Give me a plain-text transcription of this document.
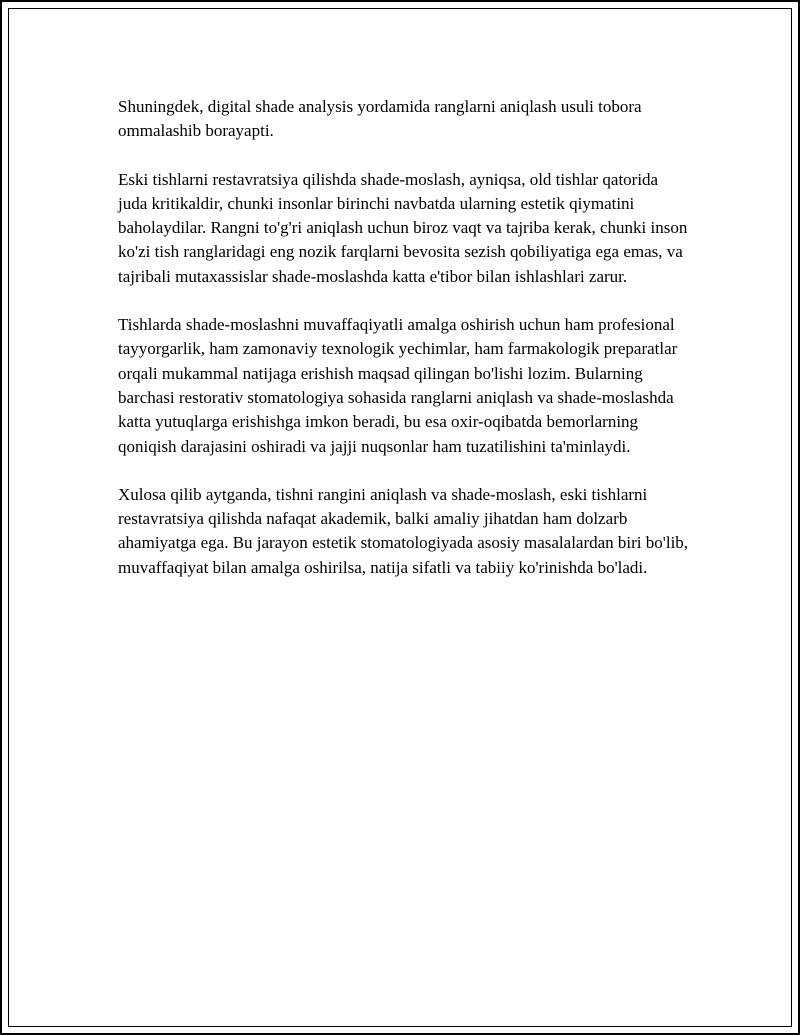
Shuningdek, digital shade analysis yordamida ranglarni aniqlash usuli tobora ommalashib borayapti.

Eski tishlarni restavratsiya qilishda shade-moslash, ayniqsa, old tishlar qatorida juda kritikaldir, chunki insonlar birinchi navbatda ularning estetik qiymatini baholaydilar. Rangni to'g'ri aniqlash uchun biroz vaqt va tajriba kerak, chunki inson ko'zi tish ranglaridagi eng nozik farqlarni bevosita sezish qobiliyatiga ega emas, va tajribali mutaxassislar shade-moslashda katta e'tibor bilan ishlashlari zarur.

Tishlarda shade-moslashni muvaffaqiyatli amalga oshirish uchun ham profesional tayyorgarlik, ham zamonaviy texnologik yechimlar, ham farmakologik preparatlar orqali mukammal natijaga erishish maqsad qilingan bo'lishi lozim. Bularning barchasi restorativ stomatologiya sohasida ranglarni aniqlash va shade-moslashda katta yutuqlarga erishishga imkon beradi, bu esa oxir-oqibatda bemorlarning qoniqish darajasini oshiradi va jajji nuqsonlar ham tuzatilishini ta'minlaydi.

Xulosa qilib aytganda, tishni rangini aniqlash va shade-moslash, eski tishlarni restavratsiya qilishda nafaqat akademik, balki amaliy jihatdan ham dolzarb ahamiyatga ega. Bu jarayon estetik stomatologiyada asosiy masalalardan biri bo'lib, muvaffaqiyat bilan amalga oshirilsa, natija sifatli va tabiiy ko'rinishda bo'ladi.
